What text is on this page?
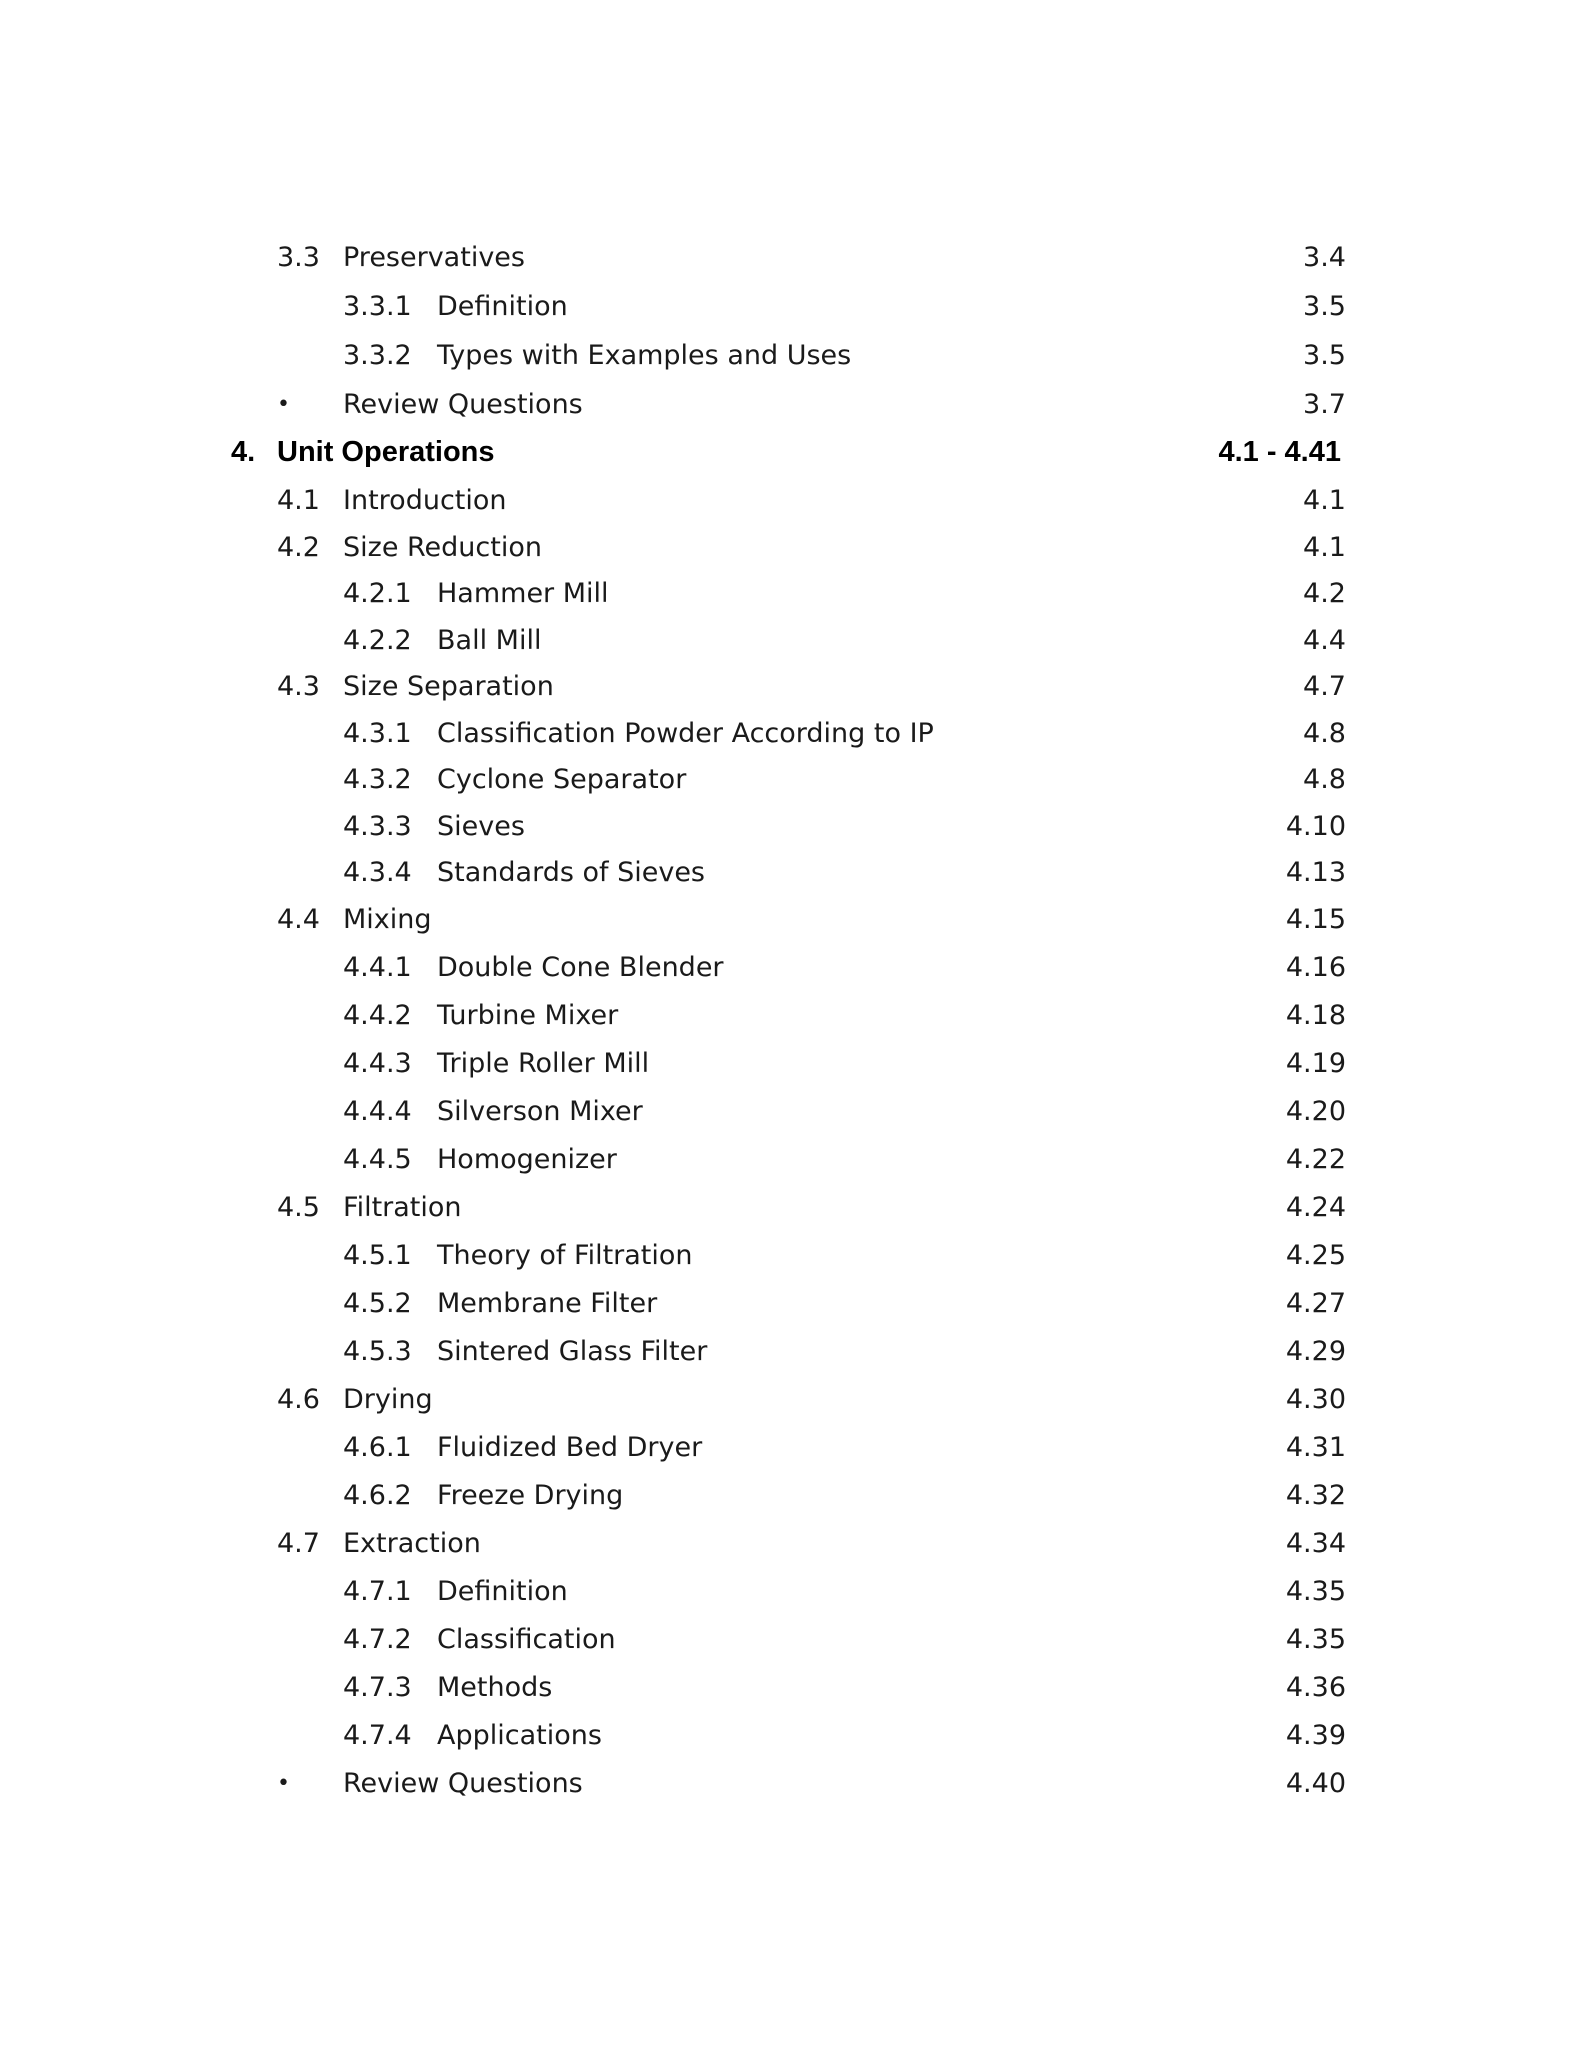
3.3 Preservatives	3.4
3.3.1 Definition	3.5
3.3.2 Types with Examples and Uses	3.5
• Review Questions	3.7
4. Unit Operations	4.1 - 4.41
4.1 Introduction	4.1
4.2 Size Reduction	4.1
4.2.1 Hammer Mill	4.2
4.2.2 Ball Mill	4.4
4.3 Size Separation	4.7
4.3.1 Classification Powder According to IP	4.8
4.3.2 Cyclone Separator	4.8
4.3.3 Sieves	4.10
4.3.4 Standards of Sieves	4.13
4.4 Mixing	4.15
4.4.1 Double Cone Blender	4.16
4.4.2 Turbine Mixer	4.18
4.4.3 Triple Roller Mill	4.19
4.4.4 Silverson Mixer	4.20
4.4.5 Homogenizer	4.22
4.5 Filtration	4.24
4.5.1 Theory of Filtration	4.25
4.5.2 Membrane Filter	4.27
4.5.3 Sintered Glass Filter	4.29
4.6 Drying	4.30
4.6.1 Fluidized Bed Dryer	4.31
4.6.2 Freeze Drying	4.32
4.7 Extraction	4.34
4.7.1 Definition	4.35
4.7.2 Classification	4.35
4.7.3 Methods	4.36
4.7.4 Applications	4.39
• Review Questions	4.40
